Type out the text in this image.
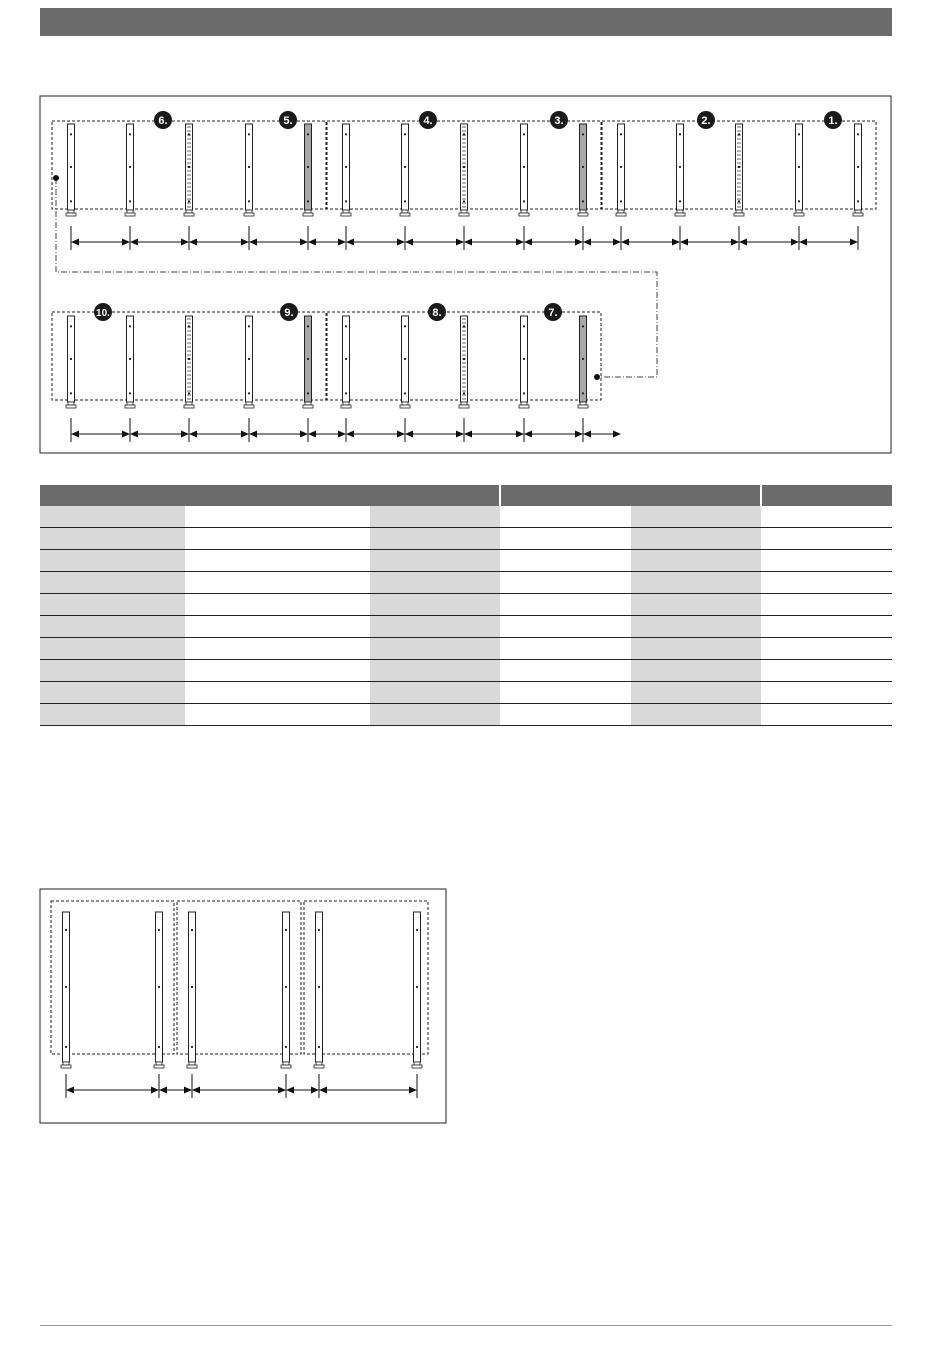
6.	5.	4.	3.	2.	1.
10.	9.	8.	7.
